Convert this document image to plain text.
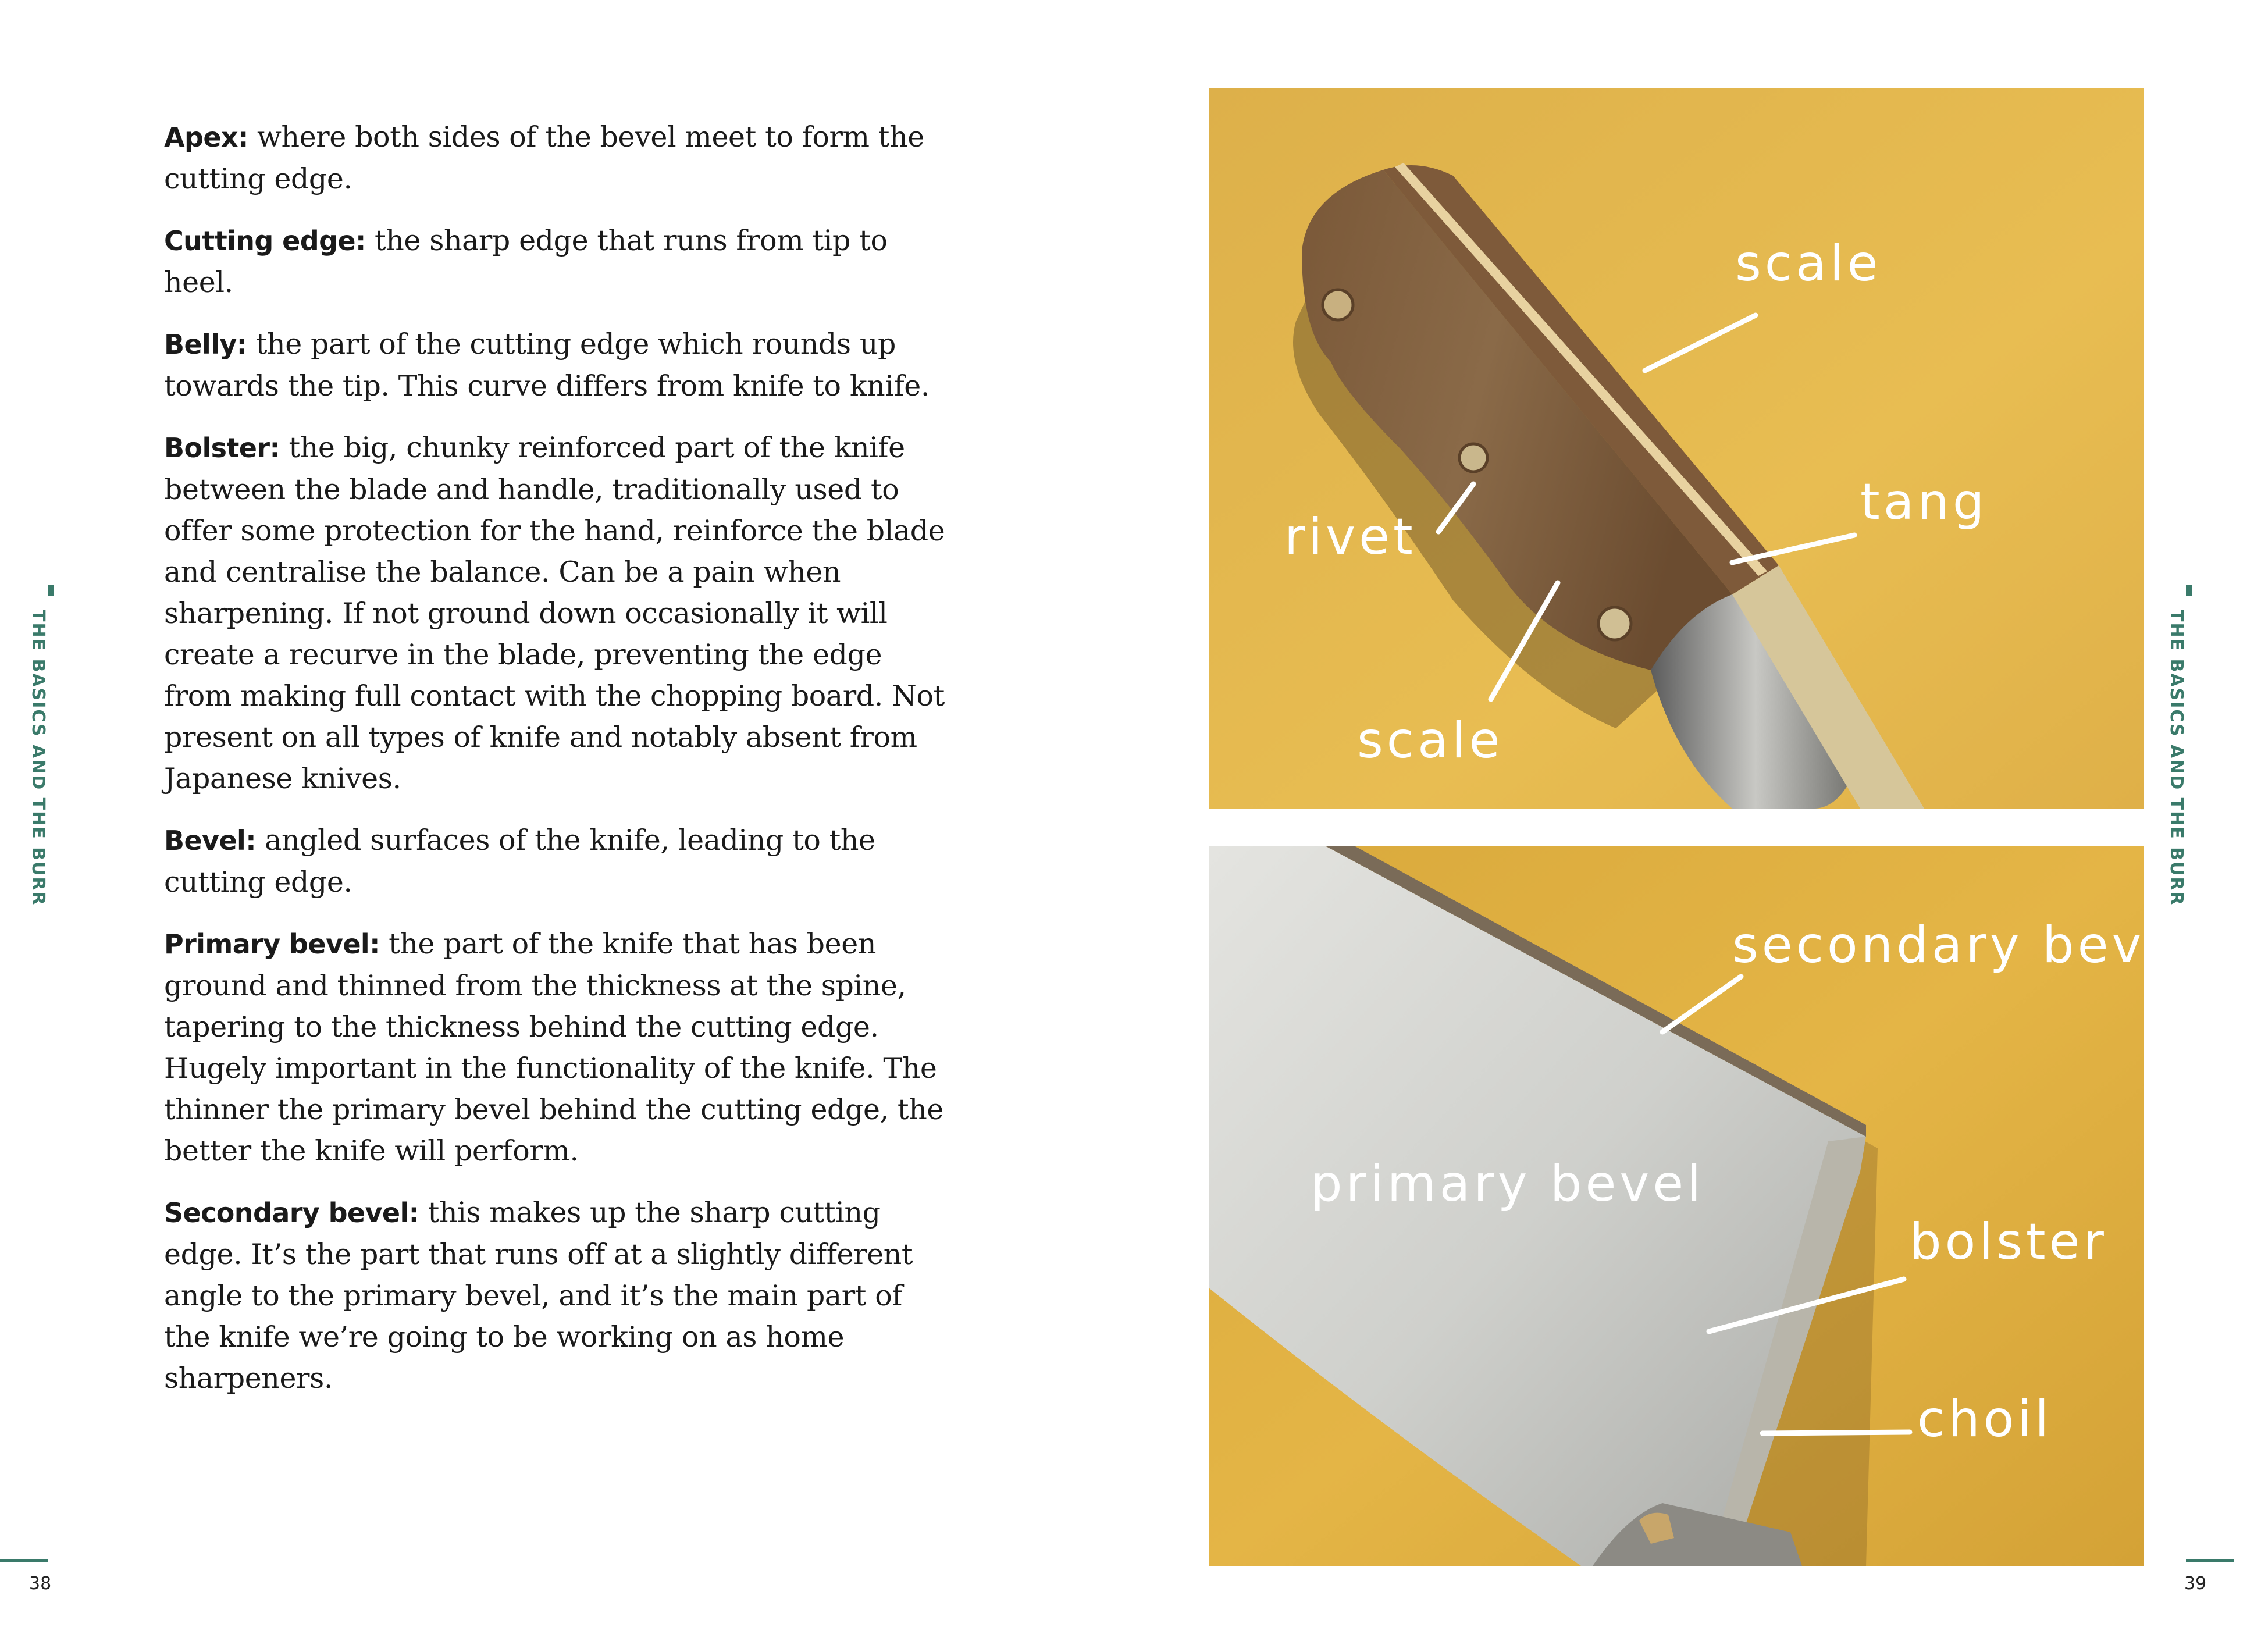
Apex: where both sides of the bevel meet to form the cutting edge.

Cutting edge: the sharp edge that runs from tip to heel.

Belly: the part of the cutting edge which rounds up towards the tip. This curve differs from knife to knife.

Bolster: the big, chunky reinforced part of the knife between the blade and handle, traditionally used to offer some protection for the hand, reinforce the blade and centralise the balance. Can be a pain when sharpening. If not ground down occasionally it will create a recurve in the blade, preventing the edge from making full contact with the chopping board. Not present on all types of knife and notably absent from Japanese knives.

Bevel: angled surfaces of the knife, leading to the cutting edge.

Primary bevel: the part of the knife that has been ground and thinned from the thickness at the spine, tapering to the thickness behind the cutting edge. Hugely important in the functionality of the knife. The thinner the primary bevel behind the cutting edge, the better the knife will perform.

Secondary bevel: this makes up the sharp cutting edge. It’s the part that runs off at a slightly different angle to the primary bevel, and it’s the main part of the knife we’re going to be working on as home sharpeners.

THE BASICS AND THE BURR
38
THE BASICS AND THE BURR
39
scale
tang
rivet
scale
secondary bevel
primary bevel
bolster
choil
